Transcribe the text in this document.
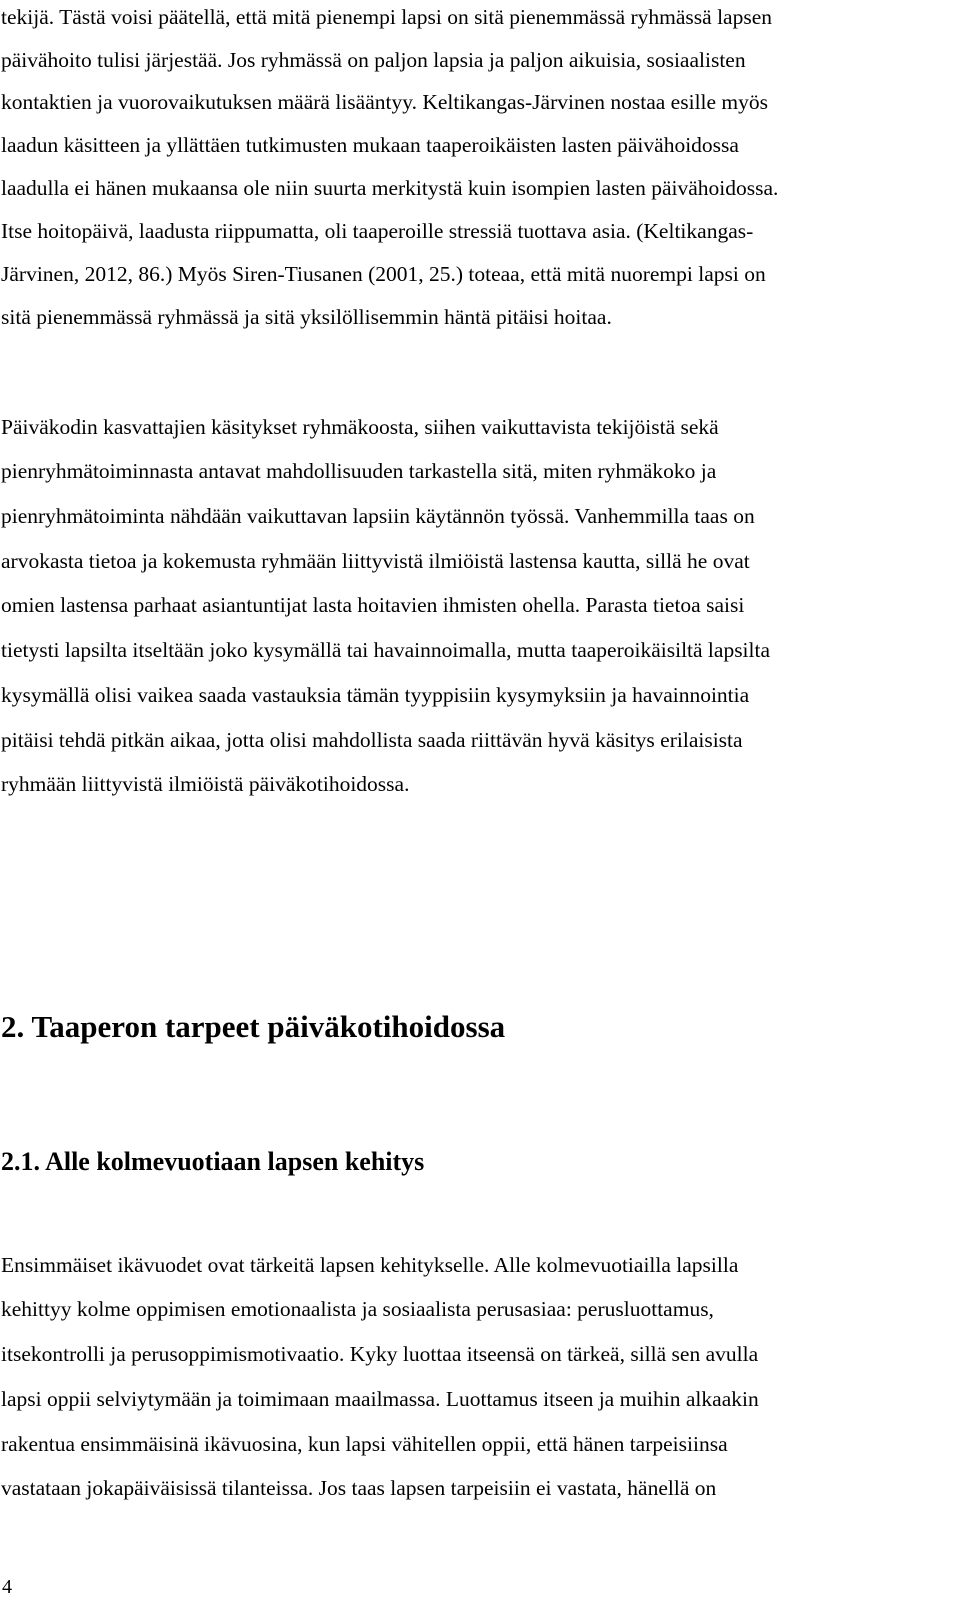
tekijä. Tästä voisi päätellä, että mitä pienempi lapsi on sitä pienemmässä ryhmässä lapsen

päivähoito tulisi järjestää. Jos ryhmässä on paljon lapsia ja paljon aikuisia, sosiaalisten

kontaktien ja vuorovaikutuksen määrä lisääntyy. Keltikangas-Järvinen nostaa esille myös

laadun käsitteen ja yllättäen tutkimusten mukaan taaperoikäisten lasten päivähoidossa

laadulla ei hänen mukaansa ole niin suurta merkitystä kuin isompien lasten päivähoidossa.

Itse hoitopäivä, laadusta riippumatta, oli taaperoille stressiä tuottava asia. (Keltikangas-

Järvinen, 2012, 86.) Myös Siren-Tiusanen (2001, 25.) toteaa, että mitä nuorempi lapsi on

sitä pienemmässä ryhmässä ja sitä yksilöllisemmin häntä pitäisi hoitaa.

Päiväkodin kasvattajien käsitykset ryhmäkoosta, siihen vaikuttavista tekijöistä sekä

pienryhmätoiminnasta antavat mahdollisuuden tarkastella sitä, miten ryhmäkoko ja

pienryhmätoiminta nähdään vaikuttavan lapsiin käytännön työssä. Vanhemmilla taas on

arvokasta tietoa ja kokemusta ryhmään liittyvistä ilmiöistä lastensa kautta, sillä he ovat

omien lastensa parhaat asiantuntijat lasta hoitavien ihmisten ohella. Parasta tietoa saisi

tietysti lapsilta itseltään joko kysymällä tai havainnoimalla, mutta taaperoikäisiltä lapsilta

kysymällä olisi vaikea saada vastauksia tämän tyyppisiin kysymyksiin ja havainnointia

pitäisi tehdä pitkän aikaa, jotta olisi mahdollista saada riittävän hyvä käsitys erilaisista

ryhmään liittyvistä ilmiöistä päiväkotihoidossa.

2. Taaperon tarpeet päiväkotihoidossa
2.1. Alle kolmevuotiaan lapsen kehitys

Ensimmäiset ikävuodet ovat tärkeitä lapsen kehitykselle. Alle kolmevuotiailla lapsilla

kehittyy kolme oppimisen emotionaalista ja sosiaalista perusasiaa: perusluottamus,

itsekontrolli ja perusoppimismotivaatio. Kyky luottaa itseensä on tärkeä, sillä sen avulla

lapsi oppii selviytymään ja toimimaan maailmassa. Luottamus itseen ja muihin alkaakin

rakentua ensimmäisinä ikävuosina, kun lapsi vähitellen oppii, että hänen tarpeisiinsa

vastataan jokapäiväisissä tilanteissa. Jos taas lapsen tarpeisiin ei vastata, hänellä on

4
